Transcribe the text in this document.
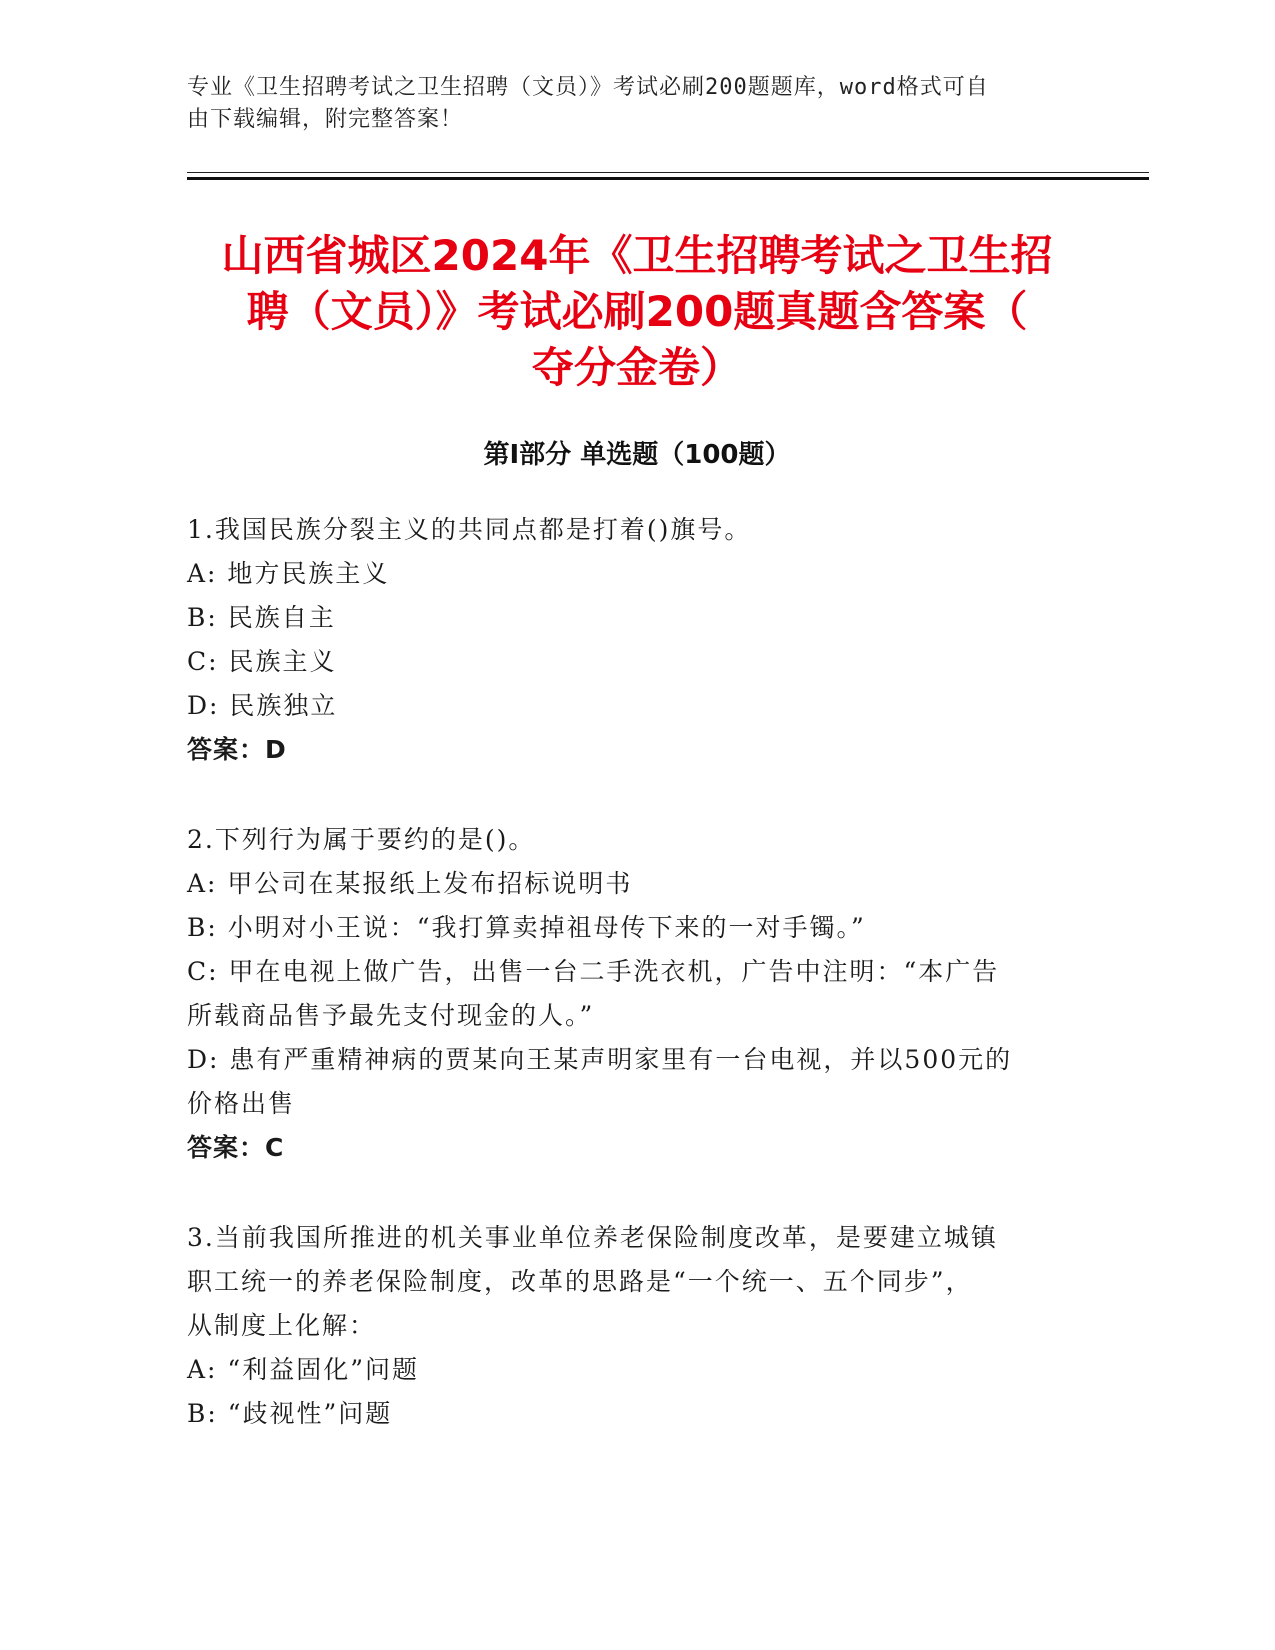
专业《卫生招聘考试之卫生招聘（文员）》考试必刷200题题库，word格式可自
由下载编辑，附完整答案！
山西省城区2024年《卫生招聘考试之卫生招
聘（文员）》考试必刷200题真题含答案（
夺分金卷）
第Ⅰ部分 单选题（100题）
1.我国民族分裂主义的共同点都是打着()旗号。
A: 地方民族主义
B: 民族自主
C: 民族主义
D: 民族独立
答案：D
2.下列行为属于要约的是()。
A: 甲公司在某报纸上发布招标说明书
B: 小明对小王说：“我打算卖掉祖母传下来的一对手镯。”
C: 甲在电视上做广告，出售一台二手洗衣机，广告中注明：“本广告
所载商品售予最先支付现金的人。”
D: 患有严重精神病的贾某向王某声明家里有一台电视，并以500元的
价格出售
答案：C
3.当前我国所推进的机关事业单位养老保险制度改革，是要建立城镇
职工统一的养老保险制度，改革的思路是“一个统一、五个同步”，
从制度上化解：
A: “利益固化”问题
B: “歧视性”问题
